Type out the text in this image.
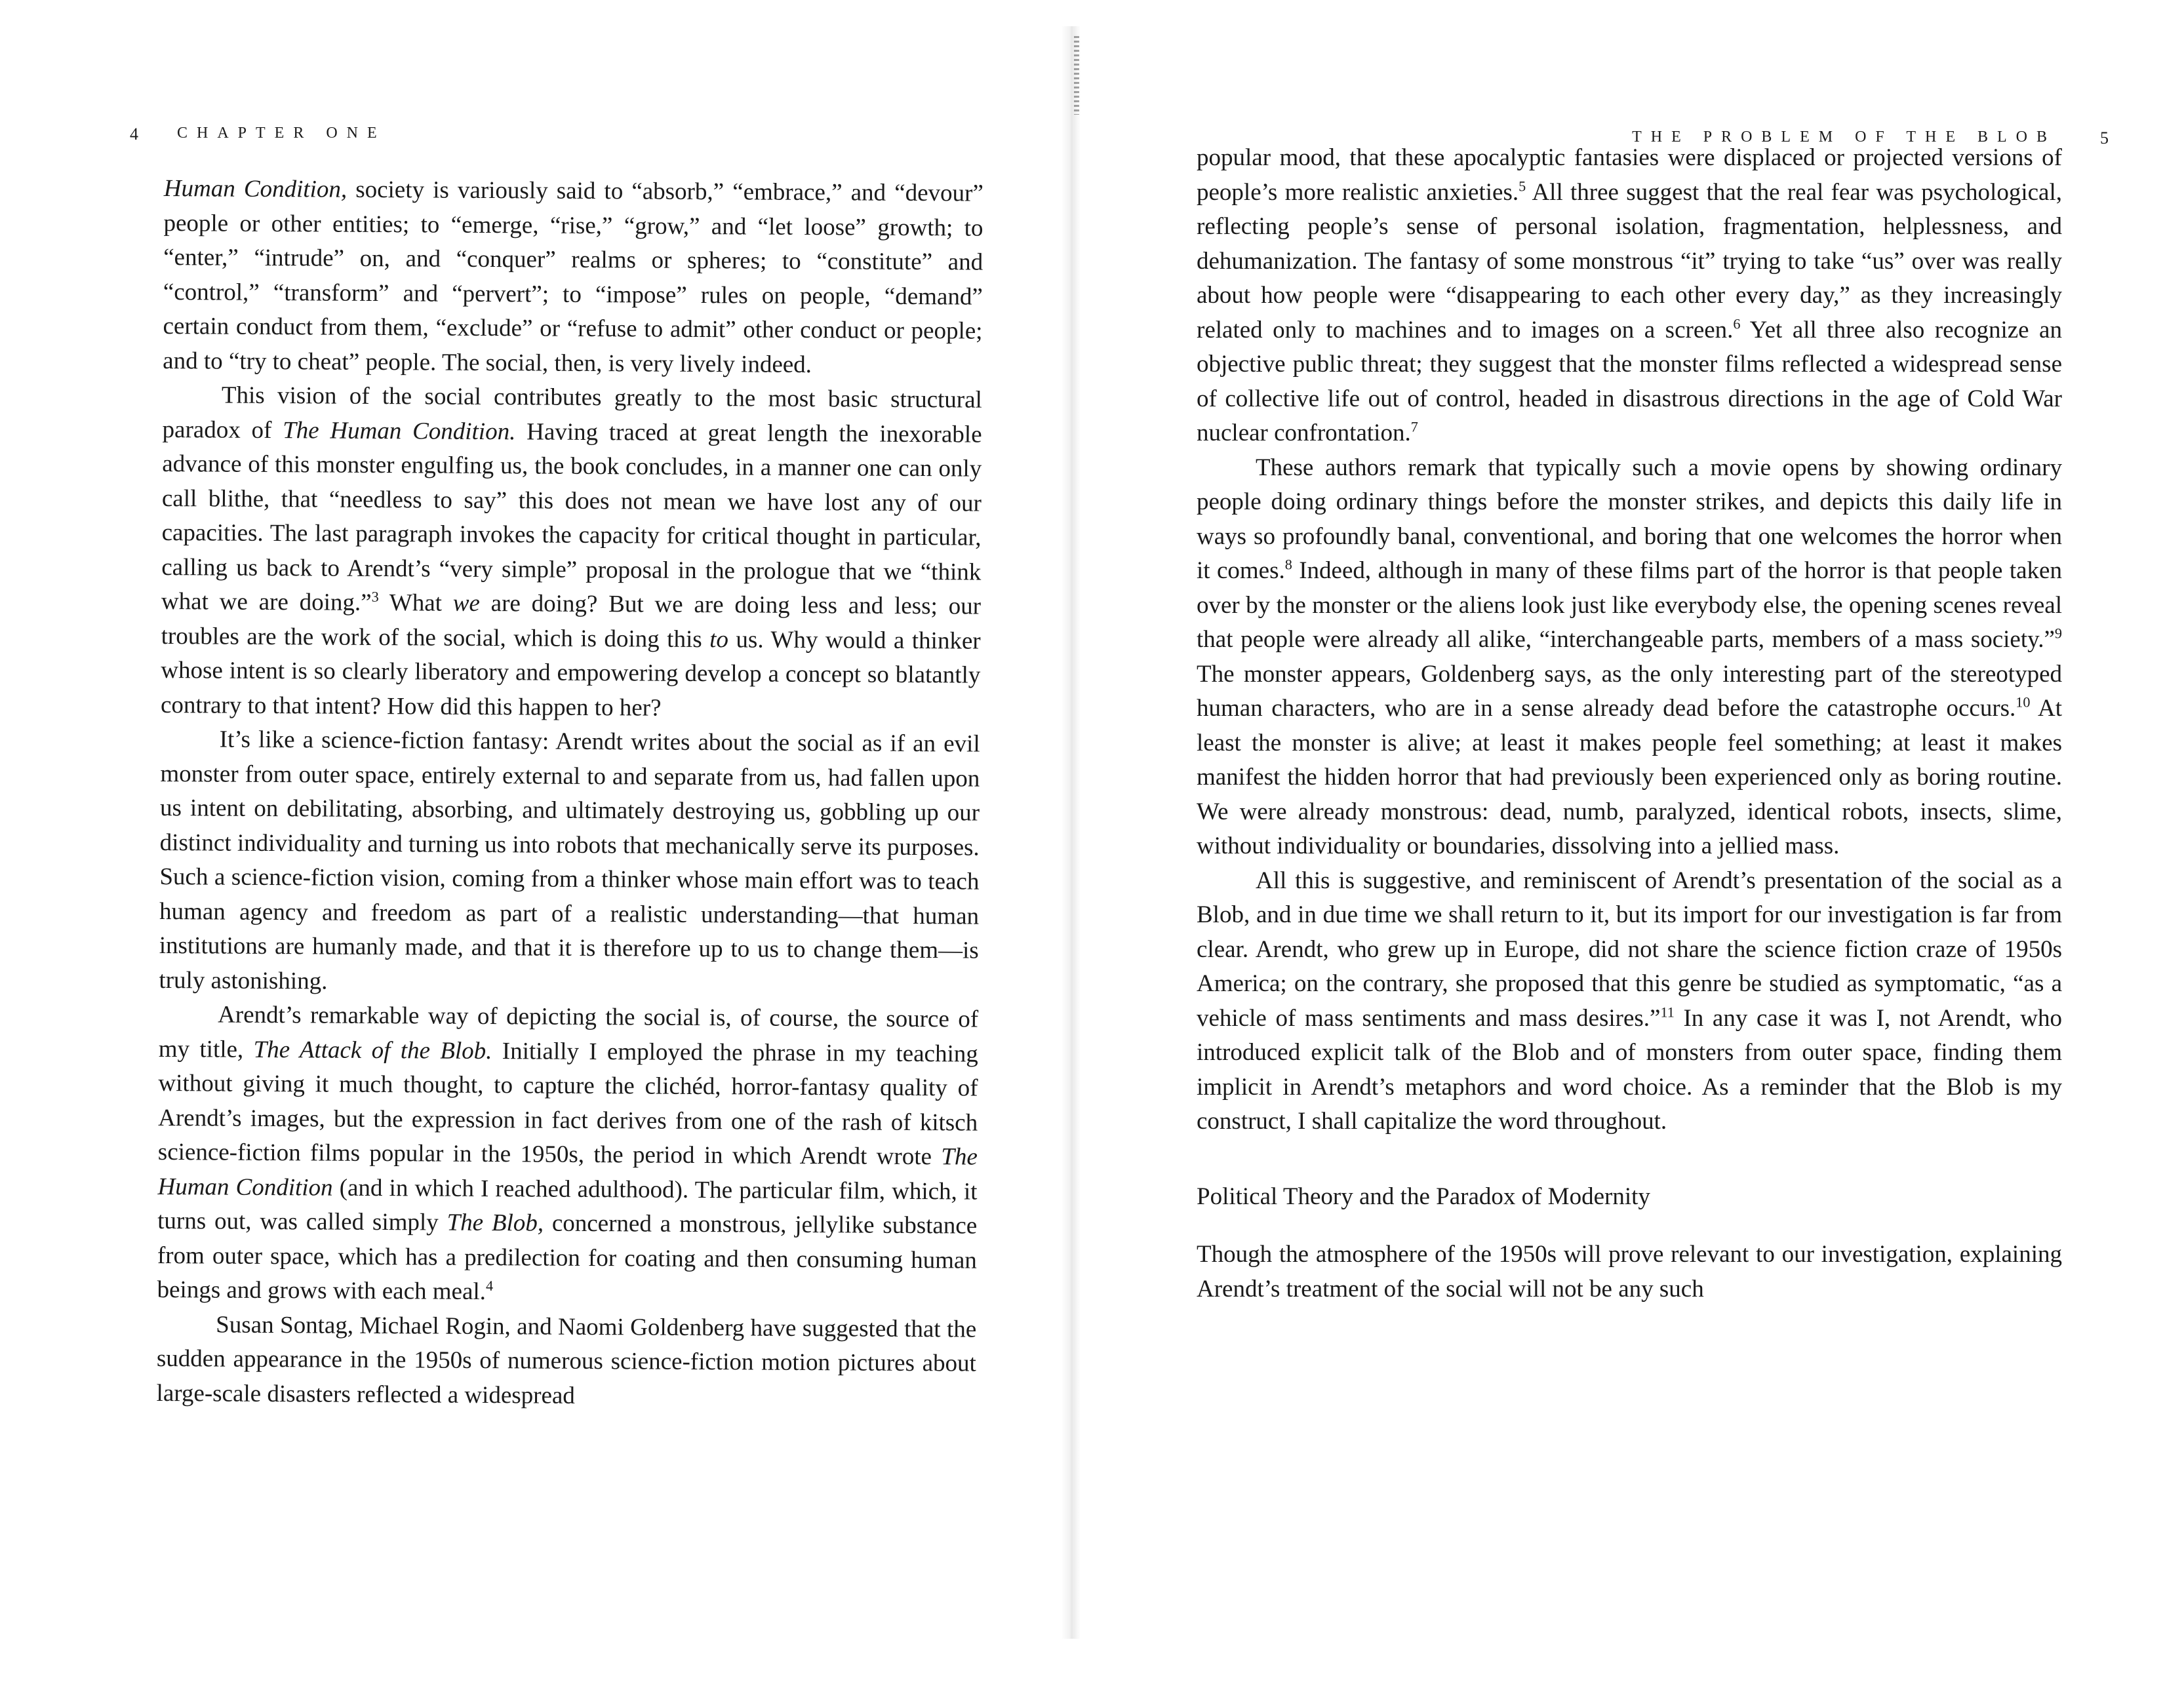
4 CHAPTER ONE

Human Condition, society is variously said to “absorb,” “embrace,” and “devour” people or other entities; to “emerge, “rise,” “grow,” and “let loose” growth; to “enter,” “intrude” on, and “conquer” realms or spheres; to “constitute” and “control,” “transform” and “pervert”; to “impose” rules on people, “demand” certain conduct from them, “exclude” or “refuse to admit” other conduct or people; and to “try to cheat” people. The social, then, is very lively indeed.

This vision of the social contributes greatly to the most basic structural paradox of The Human Condition. Having traced at great length the inexorable advance of this monster engulfing us, the book concludes, in a manner one can only call blithe, that “needless to say” this does not mean we have lost any of our capacities. The last paragraph invokes the capacity for critical thought in particular, calling us back to Arendt’s “very simple” proposal in the prologue that we “think what we are doing.”$^3$ What we are doing? But we are doing less and less; our troubles are the work of the social, which is doing this to us. Why would a thinker whose intent is so clearly liberatory and empowering develop a concept so blatantly contrary to that intent? How did this happen to her?

It’s like a science-fiction fantasy: Arendt writes about the social as if an evil monster from outer space, entirely external to and separate from us, had fallen upon us intent on debilitating, absorbing, and ultimately destroying us, gobbling up our distinct individuality and turning us into robots that mechanically serve its purposes. Such a science-fiction vision, coming from a thinker whose main effort was to teach human agency and freedom as part of a realistic understanding—that human institutions are humanly made, and that it is therefore up to us to change them—is truly astonishing.

Arendt’s remarkable way of depicting the social is, of course, the source of my title, The Attack of the Blob. Initially I employed the phrase in my teaching without giving it much thought, to capture the clichéd, horror-fantasy quality of Arendt’s images, but the expression in fact derives from one of the rash of kitsch science-fiction films popular in the 1950s, the period in which Arendt wrote The Human Condition (and in which I reached adulthood). The particular film, which, it turns out, was called simply The Blob, concerned a monstrous, jellylike substance from outer space, which has a predilection for coating and then consuming human beings and grows with each meal.$^4$

Susan Sontag, Michael Rogin, and Naomi Goldenberg have suggested that the sudden appearance in the 1950s of numerous science-fiction motion pictures about large-scale disasters reflected a widespread

THE PROBLEM OF THE BLOB	5

popular mood, that these apocalyptic fantasies were displaced or projected versions of people’s more realistic anxieties.$^5$ All three suggest that the real fear was psychological, reflecting people’s sense of personal isolation, fragmentation, helplessness, and dehumanization. The fantasy of some monstrous “it” trying to take “us” over was really about how people were “disappearing to each other every day,” as they increasingly related only to machines and to images on a screen.$^6$ Yet all three also recognize an objective public threat; they suggest that the monster films reflected a widespread sense of collective life out of control, headed in disastrous directions in the age of Cold War nuclear confrontation.$^7$

These authors remark that typically such a movie opens by showing ordinary people doing ordinary things before the monster strikes, and depicts this daily life in ways so profoundly banal, conventional, and boring that one welcomes the horror when it comes.$^8$ Indeed, although in many of these films part of the horror is that people taken over by the monster or the aliens look just like everybody else, the opening scenes reveal that people were already all alike, “interchangeable parts, members of a mass society.”$^9$ The monster appears, Goldenberg says, as the only interesting part of the stereotyped human characters, who are in a sense already dead before the catastrophe occurs.$^{10}$ At least the monster is alive; at least it makes people feel something; at least it makes manifest the hidden horror that had previously been experienced only as boring routine. We were already monstrous: dead, numb, paralyzed, identical robots, insects, slime, without individuality or boundaries, dissolving into a jellied mass.

All this is suggestive, and reminiscent of Arendt’s presentation of the social as a Blob, and in due time we shall return to it, but its import for our investigation is far from clear. Arendt, who grew up in Europe, did not share the science fiction craze of 1950s America; on the contrary, she proposed that this genre be studied as symptomatic, “as a vehicle of mass sentiments and mass desires.”$^{11}$ In any case it was I, not Arendt, who introduced explicit talk of the Blob and of monsters from outer space, finding them implicit in Arendt’s metaphors and word choice. As a reminder that the Blob is my construct, I shall capitalize the word throughout.

Political Theory and the Paradox of Modernity

Though the atmosphere of the 1950s will prove relevant to our investigation, explaining Arendt’s treatment of the social will not be any such
